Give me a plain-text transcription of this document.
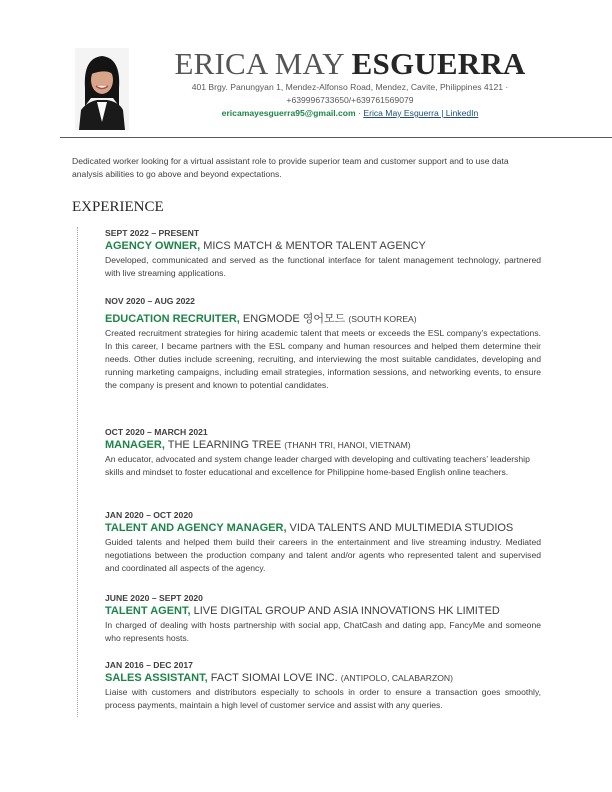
ERICA MAY ESGUERRA
401 Brgy. Panungyan 1, Mendez-Alfonso Road, Mendez, Cavite, Philippines 4121 ·
+639996733650/+639761569079
ericamayesguerra95@gmail.com · Erica May Esguerra | LinkedIn
Dedicated worker looking for a virtual assistant role to provide superior team and customer support and to use data analysis abilities to go above and beyond expectations.
EXPERIENCE
SEPT 2022 – PRESENT
AGENCY OWNER, MICS MATCH & MENTOR TALENT AGENCY
Developed, communicated and served as the functional interface for talent management technology, partnered with live streaming applications.
NOV 2020 – AUG 2022
EDUCATION RECRUITER, ENGMODE 영어모드 (SOUTH KOREA)
Created recruitment strategies for hiring academic talent that meets or exceeds the ESL company’s expectations. In this career, I became partners with the ESL company and human resources and helped them determine their needs. Other duties include screening, recruiting, and interviewing the most suitable candidates, developing and running marketing campaigns, including email strategies, information sessions, and networking events, to ensure the company is present and known to potential candidates.
OCT 2020 – MARCH 2021
MANAGER, THE LEARNING TREE (THANH TRI, HANOI, VIETNAM)
An educator, advocated and system change leader charged with developing and cultivating teachers’ leadership skills and mindset to foster educational and excellence for Philippine home-based English online teachers.
JAN 2020 – OCT 2020
TALENT AND AGENCY MANAGER, VIDA TALENTS AND MULTIMEDIA STUDIOS
Guided talents and helped them build their careers in the entertainment and live streaming industry. Mediated negotiations between the production company and talent and/or agents who represented talent and supervised and coordinated all aspects of the agency.
JUNE 2020 – SEPT 2020
TALENT AGENT, LIVE DIGITAL GROUP AND ASIA INNOVATIONS HK LIMITED
In charged of dealing with hosts partnership with social app, ChatCash and dating app, FancyMe and someone who represents hosts.
JAN 2016 – DEC 2017
SALES ASSISTANT, FACT SIOMAI LOVE INC. (ANTIPOLO, CALABARZON)
Liaise with customers and distributors especially to schools in order to ensure a transaction goes smoothly, process payments, maintain a high level of customer service and assist with any queries.
